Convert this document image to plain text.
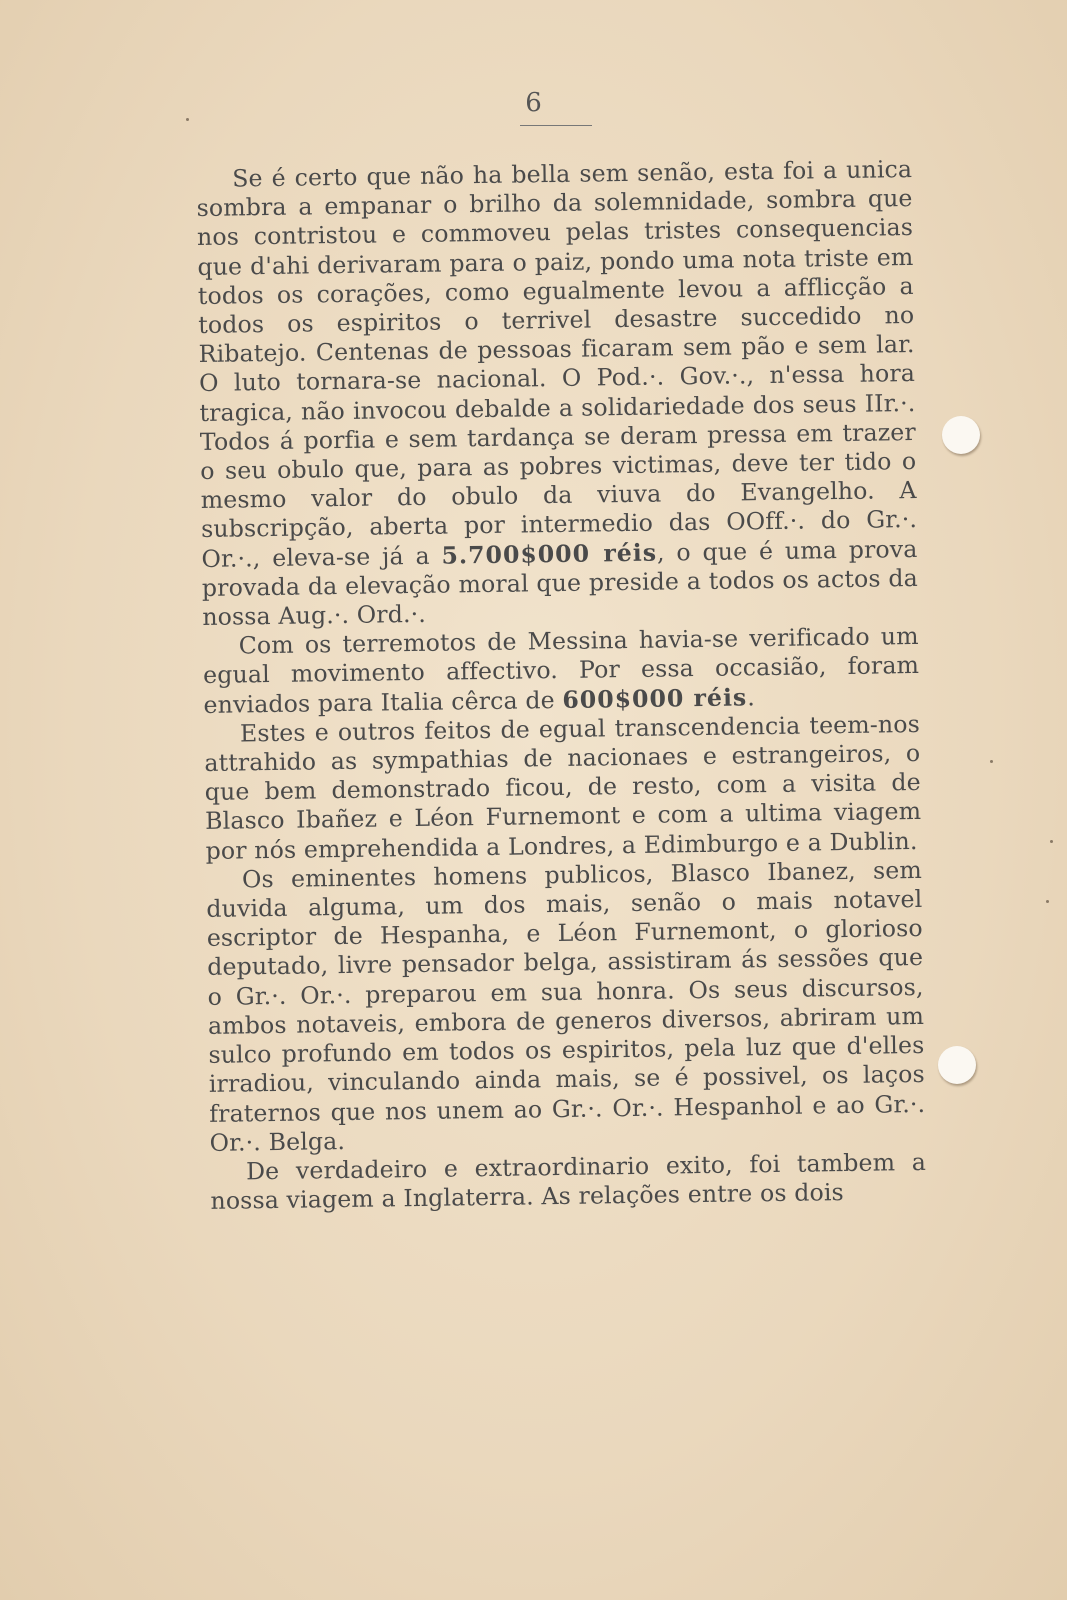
6

Se é certo que não ha bella sem senão, esta foi a unica sombra a empanar o brilho da solemnidade, sombra que nos contristou e commoveu pelas tristes consequencias que d'ahi derivaram para o paiz, pondo uma nota triste em todos os corações, como egualmente levou a afflicção a todos os espiritos o terrivel desastre succedido no Ribatejo. Centenas de pessoas ficaram sem pão e sem lar. O luto tornara-se nacional. O Pod.·. Gov.·., n'essa hora tragica, não invocou debalde a solidariedade dos seus IIr.·. Todos á porfia e sem tardança se deram pressa em trazer o seu obulo que, para as pobres victimas, deve ter tido o mesmo valor do obulo da viuva do Evangelho. A subscripção, aberta por intermedio das OOff.·. do Gr.·. Or.·., eleva-se já a 5.700$000 réis, o que é uma prova provada da elevação moral que preside a todos os actos da nossa Aug.·. Ord.·.

Com os terremotos de Messina havia-se verificado um egual movimento affectivo. Por essa occasião, foram enviados para Italia cêrca de 600$000 réis.

Estes e outros feitos de egual transcendencia teem-nos attrahido as sympathias de nacionaes e estrangeiros, o que bem demonstrado ficou, de resto, com a visita de Blasco Ibañez e Léon Furnemont e com a ultima viagem por nós emprehendida a Londres, a Edimburgo e a Dublin.

Os eminentes homens publicos, Blasco Ibanez, sem duvida alguma, um dos mais, senão o mais notavel escriptor de Hespanha, e Léon Furnemont, o glorioso deputado, livre pensador belga, assistiram ás sessões que o Gr.·. Or.·. preparou em sua honra. Os seus discursos, ambos notaveis, embora de generos diversos, abriram um sulco profundo em todos os espiritos, pela luz que d'elles irradiou, vinculando ainda mais, se é possivel, os laços fraternos que nos unem ao Gr.·. Or.·. Hespanhol e ao Gr.·. Or.·. Belga.

De verdadeiro e extraordinario exito, foi tambem a nossa viagem a Inglaterra. As relações entre os dois
